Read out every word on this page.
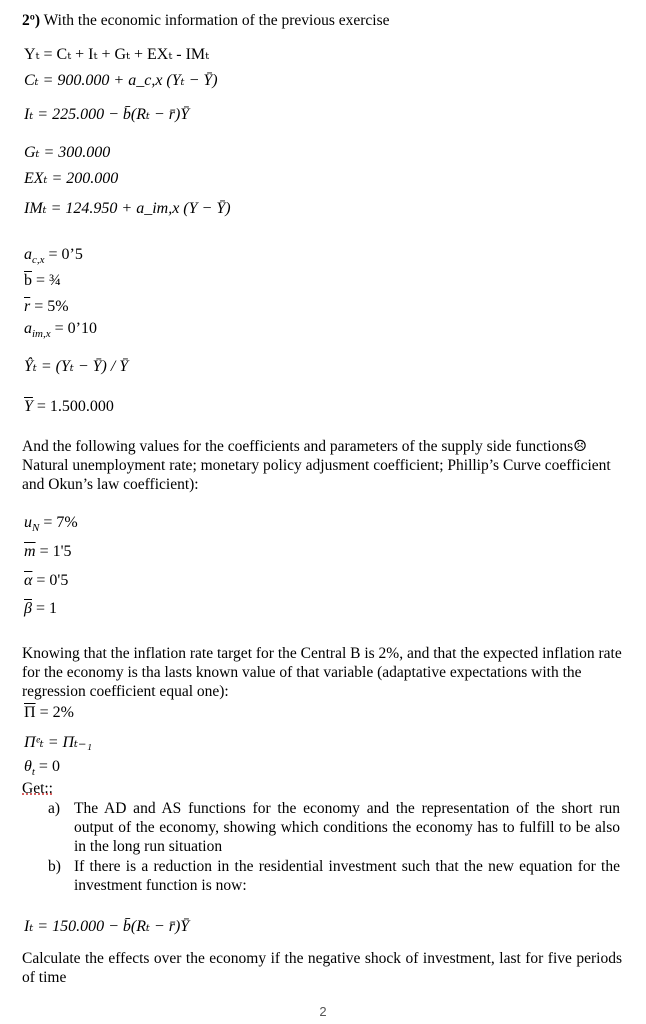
2º) With the economic information of the previous exercise
Yₜ = Cₜ + Iₜ + Gₜ + EXₜ - IMₜ
Cₜ = 900.000 + a_c,x (Yₜ − Ȳ)
Iₜ = 225.000 − b̄(Rₜ − r̄)Ȳ
Gₜ = 300.000
EXₜ = 200.000
IMₜ = 124.950 + a_im,x (Y − Ȳ)
$a_{c,x}$ = 0’5
$\overline{b}$ = ¾
$\overline{r} = 5\%$
$a_{im,x}$ = 0’10
Ŷₜ = (Yₜ − Ȳ) / Ȳ
$\overline{Y} = 1.500.000$
And the following values for the coefficients and parameters of the supply side functions☹Natural unemployment rate; monetary policy adjusment coefficient; Phillip’s Curve coefficient and Okun’s law coefficient):
$u_N = 7\%$
$\overline{m} = 1'5$
$\overline{\alpha} = 0'5$
$\overline{\beta} = 1$
Knowing that the inflation rate target for the Central B is 2%, and that the expected inflation rate for the economy is tha lasts known value of that variable (adaptative expectations with the regression coefficient equal one):
$\overline{\Pi} = 2\%$
Πᵉₜ = Πₜ₋₁
$\theta_t = 0$
Get::
a) The AD and AS functions for the economy and the representation of the short run output of the economy, showing which conditions the economy has to fulfill to be also in the long run situation
b) If there is a reduction in the residential investment such that the new equation for the investment function is now:
Iₜ = 150.000 − b̄(Rₜ − r̄)Ȳ
Calculate the effects over the economy if the negative shock of investment, last for five periods of time
2
